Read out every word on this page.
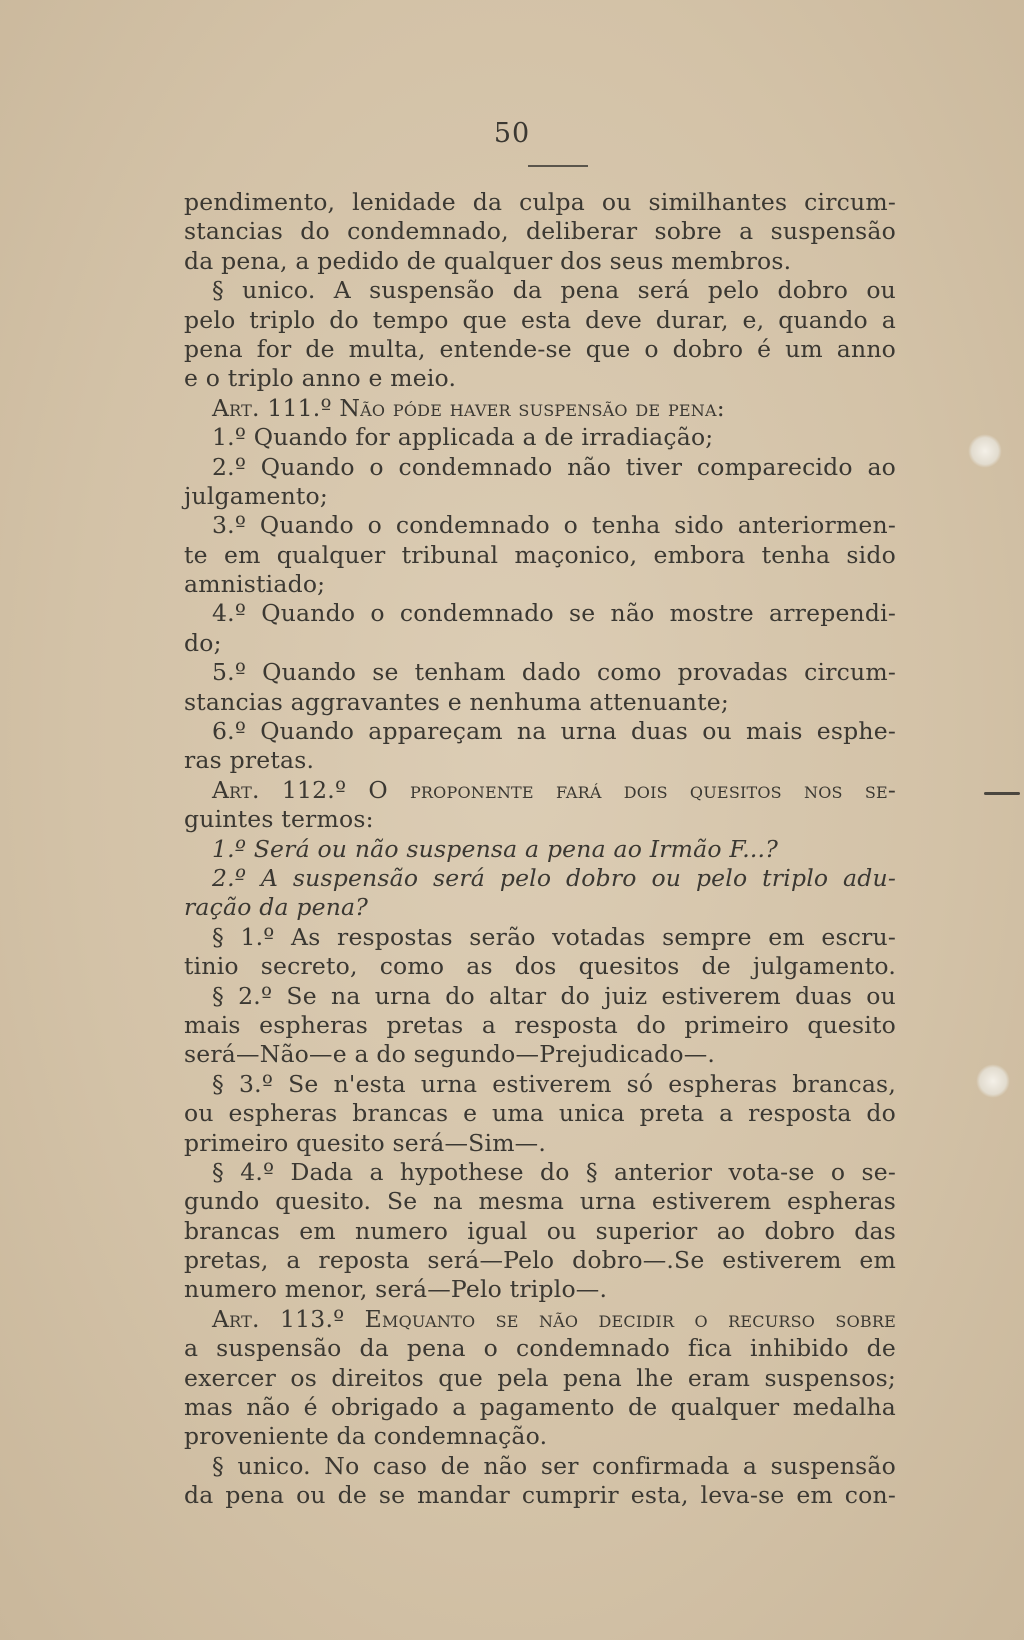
50
pendimento, lenidade da culpa ou similhantes circum-
stancias do condemnado, deliberar sobre a suspensão
da pena, a pedido de qualquer dos seus membros.
§ unico. A suspensão da pena será pelo dobro ou
pelo triplo do tempo que esta deve durar, e, quando a
pena for de multa, entende-se que o dobro é um anno
e o triplo anno e meio.
Art. 111.º Não póde haver suspensão de pena:
1.º Quando for applicada a de irradiação;
2.º Quando o condemnado não tiver comparecido ao
julgamento;
3.º Quando o condemnado o tenha sido anteriormen-
te em qualquer tribunal maçonico, embora tenha sido
amnistiado;
4.º Quando o condemnado se não mostre arrependi-
do;
5.º Quando se tenham dado como provadas circum-
stancias aggravantes e nenhuma attenuante;
6.º Quando appareçam na urna duas ou mais esphe-
ras pretas.
Art. 112.º O proponente fará dois quesitos nos se-
guintes termos:
1.º Será ou não suspensa a pena ao Irmão F...?
2.º A suspensão será pelo dobro ou pelo triplo adu-
ração da pena?
§ 1.º As respostas serão votadas sempre em escru-
tinio secreto, como as dos quesitos de julgamento.
§ 2.º Se na urna do altar do juiz estiverem duas ou
mais espheras pretas a resposta do primeiro quesito
será—Não—e a do segundo—Prejudicado—.
§ 3.º Se n'esta urna estiverem só espheras brancas,
ou espheras brancas e uma unica preta a resposta do
primeiro quesito será—Sim—.
§ 4.º Dada a hypothese do § anterior vota-se o se-
gundo quesito. Se na mesma urna estiverem espheras
brancas em numero igual ou superior ao dobro das
pretas, a reposta será—Pelo dobro—.Se estiverem em
numero menor, será—Pelo triplo—.
Art. 113.º Emquanto se não decidir o recurso sobre
a suspensão da pena o condemnado fica inhibido de
exercer os direitos que pela pena lhe eram suspensos;
mas não é obrigado a pagamento de qualquer medalha
proveniente da condemnação.
§ unico. No caso de não ser confirmada a suspensão
da pena ou de se mandar cumprir esta, leva-se em con-
